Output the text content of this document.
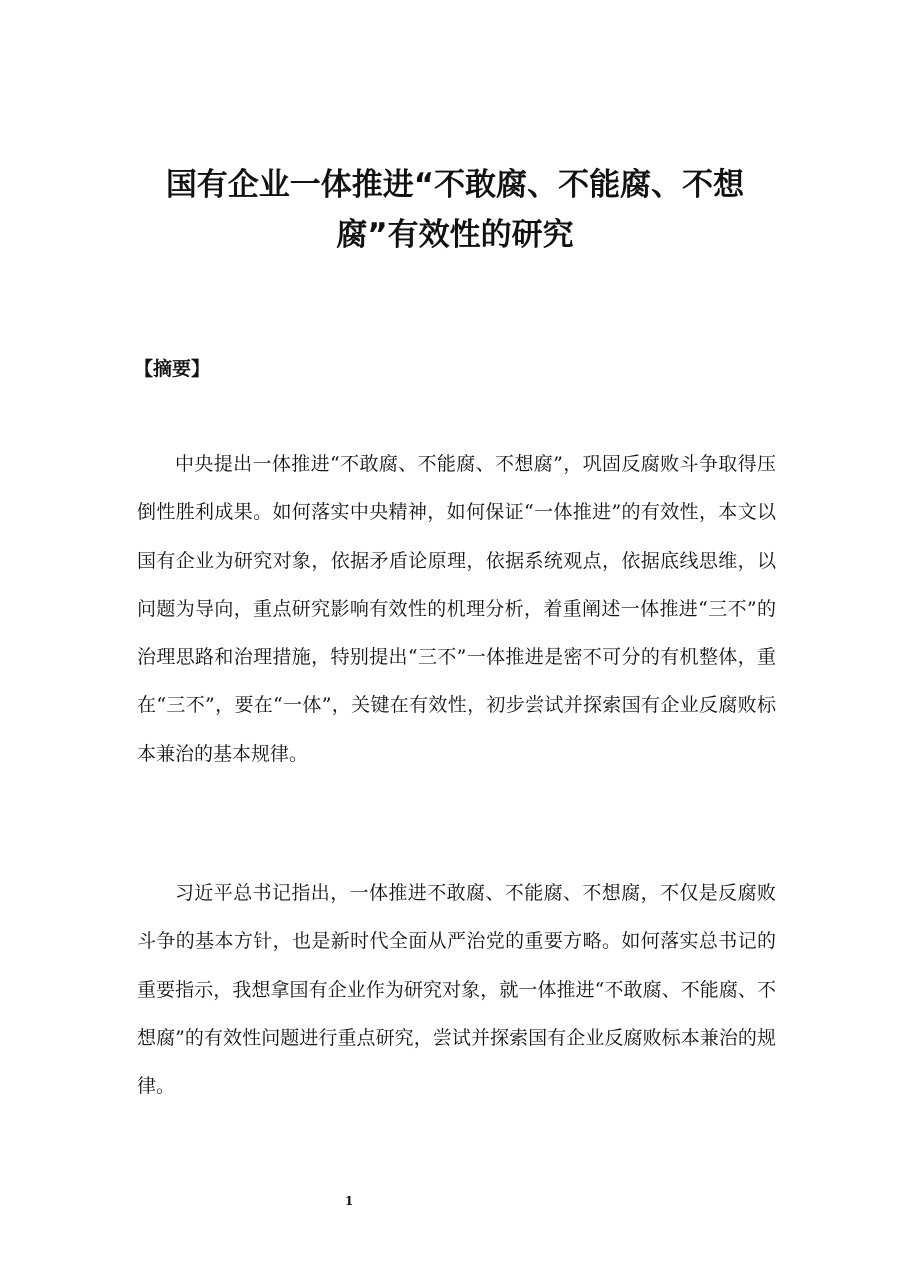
国有企业一体推进“不敢腐、不能腐、不想腐”有效性的研究
【摘要】

中央提出一体推进“不敢腐、不能腐、不想腐”，巩固反腐败斗争取得压倒性胜利成果。如何落实中央精神，如何保证“一体推进”的有效性，本文以国有企业为研究对象，依据矛盾论原理，依据系统观点，依据底线思维，以问题为导向，重点研究影响有效性的机理分析，着重阐述一体推进“三不”的治理思路和治理措施，特别提出“三不”一体推进是密不可分的有机整体，重在“三不”，要在“一体”，关键在有效性，初步尝试并探索国有企业反腐败标本兼治的基本规律。

习近平总书记指出，一体推进不敢腐、不能腐、不想腐，不仅是反腐败斗争的基本方针，也是新时代全面从严治党的重要方略。如何落实总书记的重要指示，我想拿国有企业作为研究对象，就一体推进“不敢腐、不能腐、不想腐”的有效性问题进行重点研究，尝试并探索国有企业反腐败标本兼治的规律。

1
